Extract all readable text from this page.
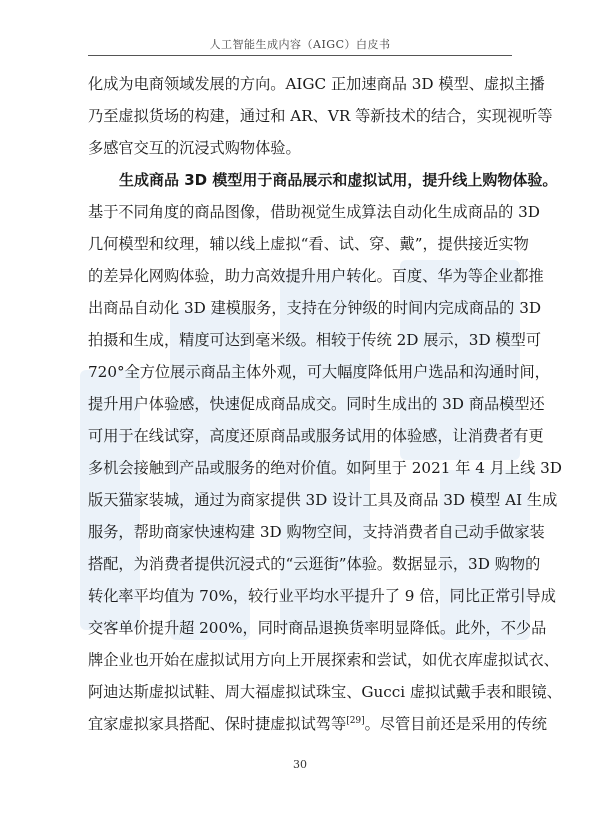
人工智能生成内容（AIGC）白皮书
化成为电商领域发展的方向。AIGC 正加速商品 3D 模型、虚拟主播
乃至虚拟货场的构建，通过和 AR、VR 等新技术的结合，实现视听等
多感官交互的沉浸式购物体验。
生成商品 3D 模型用于商品展示和虚拟试用，提升线上购物体验。
基于不同角度的商品图像，借助视觉生成算法自动化生成商品的 3D
几何模型和纹理，辅以线上虚拟“看、试、穿、戴”，提供接近实物
的差异化网购体验，助力高效提升用户转化。百度、华为等企业都推
出商品自动化 3D 建模服务，支持在分钟级的时间内完成商品的 3D
拍摄和生成，精度可达到毫米级。相较于传统 2D 展示，3D 模型可
720°全方位展示商品主体外观，可大幅度降低用户选品和沟通时间，
提升用户体验感，快速促成商品成交。同时生成出的 3D 商品模型还
可用于在线试穿，高度还原商品或服务试用的体验感，让消费者有更
多机会接触到产品或服务的绝对价值。如阿里于 2021 年 4 月上线 3D
版天猫家装城，通过为商家提供 3D 设计工具及商品 3D 模型 AI 生成
服务，帮助商家快速构建 3D 购物空间，支持消费者自己动手做家装
搭配，为消费者提供沉浸式的“云逛街”体验。数据显示，3D 购物的
转化率平均值为 70%，较行业平均水平提升了 9 倍，同比正常引导成
交客单价提升超 200%，同时商品退换货率明显降低。此外，不少品
牌企业也开始在虚拟试用方向上开展探索和尝试，如优衣库虚拟试衣、
阿迪达斯虚拟试鞋、周大福虚拟试珠宝、Gucci 虚拟试戴手表和眼镜、
宜家虚拟家具搭配、保时捷虚拟试驾等[29]。尽管目前还是采用的传统
30
